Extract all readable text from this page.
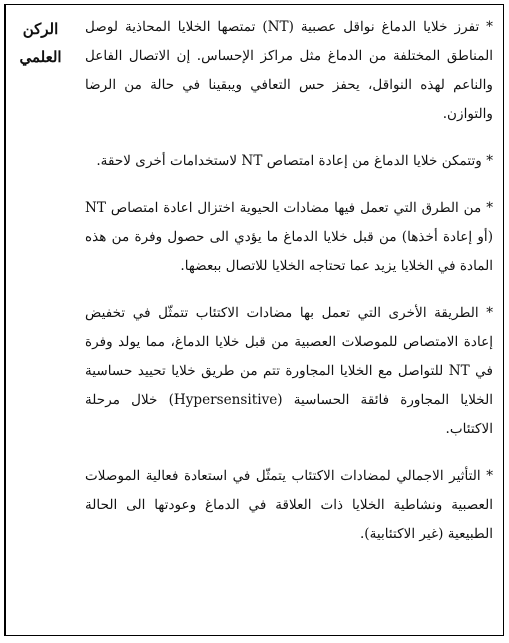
الركن
العلمي

* تفرز خلايا الدماغ نواقل عصبية (NT) تمتصها الخلايا المحاذية لوصل المناطق المختلفة من الدماغ مثل مراكز الإحساس. إن الاتصال الفاعل والناعم لهذه النواقل، يحفز حس التعافي ويبقينا في حالة من الرضا والتوازن.

* وتتمكن خلايا الدماغ من إعادة امتصاص NT لاستخدامات أخرى لاحقة.

* من الطرق التي تعمل فيها مضادات الحيوية اختزال اعادة امتصاص NT (أو إعادة أخذها) من قبل خلايا الدماغ ما يؤدي الى حصول وفرة من هذه المادة في الخلايا يزيد عما تحتاجه الخلايا للاتصال ببعضها.

* الطريقة الأخرى التي تعمل بها مضادات الاكتئاب تتمثّل في تخفيض إعادة الامتصاص للموصلات العصبية من قبل خلايا الدماغ، مما يولد وفرة في NT للتواصل مع الخلايا المجاورة تتم من طريق خلايا تحييد حساسية الخلايا المجاورة فائقة الحساسية (Hypersensitive) خلال مرحلة الاكتئاب.

* التأثير الاجمالي لمضادات الاكتئاب يتمثّل في استعادة فعالية الموصلات العصبية ونشاطية الخلايا ذات العلاقة في الدماغ وعودتها الى الحالة الطبيعية (غير الاكتئابية).
